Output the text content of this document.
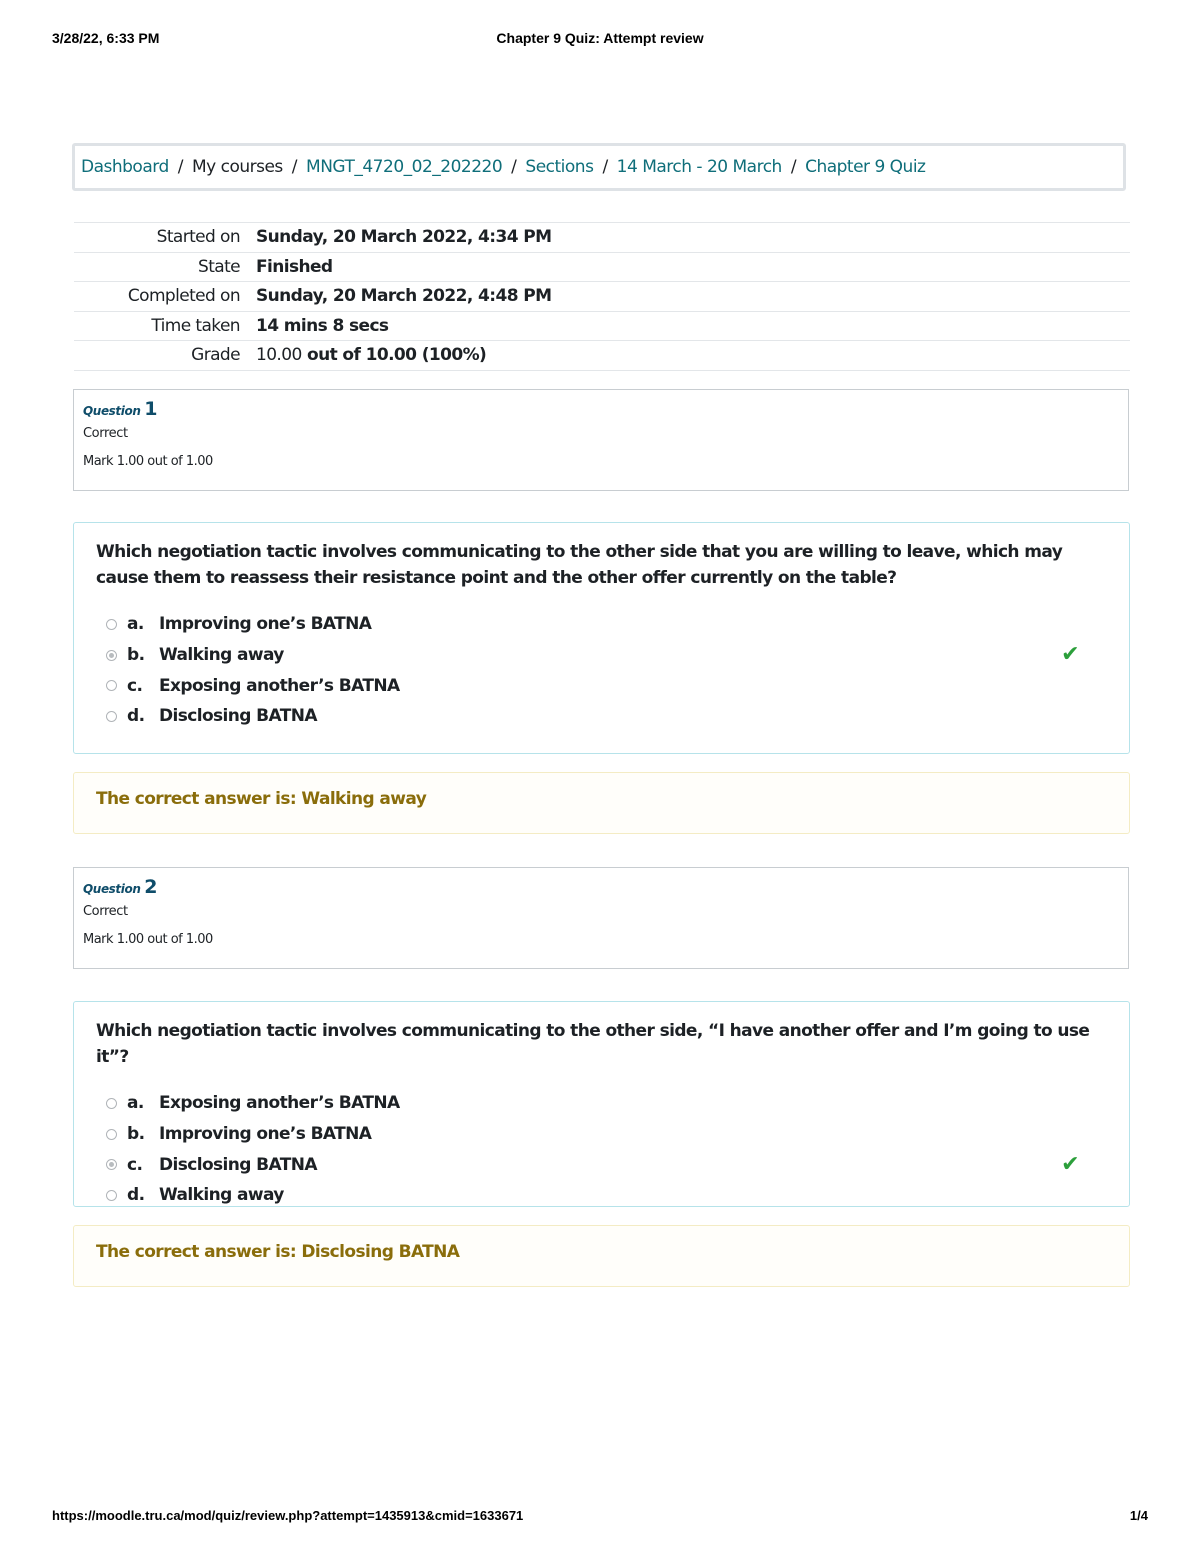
3/28/22, 6:33 PM	Chapter 9 Quiz: Attempt review
Dashboard / My courses / MNGT_4720_02_202220 / Sections / 14 March - 20 March / Chapter 9 Quiz
Started on	Sunday, 20 March 2022, 4:34 PM
State	Finished
Completed on	Sunday, 20 March 2022, 4:48 PM
Time taken	14 mins 8 secs
Grade	10.00 out of 10.00 (100%)
Question 1
Correct
Mark 1.00 out of 1.00
Which negotiation tactic involves communicating to the other side that you are willing to leave, which may cause them to reassess their resistance point and the other offer currently on the table?
a. Improving one’s BATNA
b. Walking away	✔
c. Exposing another’s BATNA
d. Disclosing BATNA
The correct answer is: Walking away
Question 2
Correct
Mark 1.00 out of 1.00
Which negotiation tactic involves communicating to the other side, “I have another offer and I’m going to use it”?
a. Exposing another’s BATNA
b. Improving one’s BATNA
c. Disclosing BATNA	✔
d. Walking away
The correct answer is: Disclosing BATNA
https://moodle.tru.ca/mod/quiz/review.php?attempt=1435913&cmid=1633671	1/4
